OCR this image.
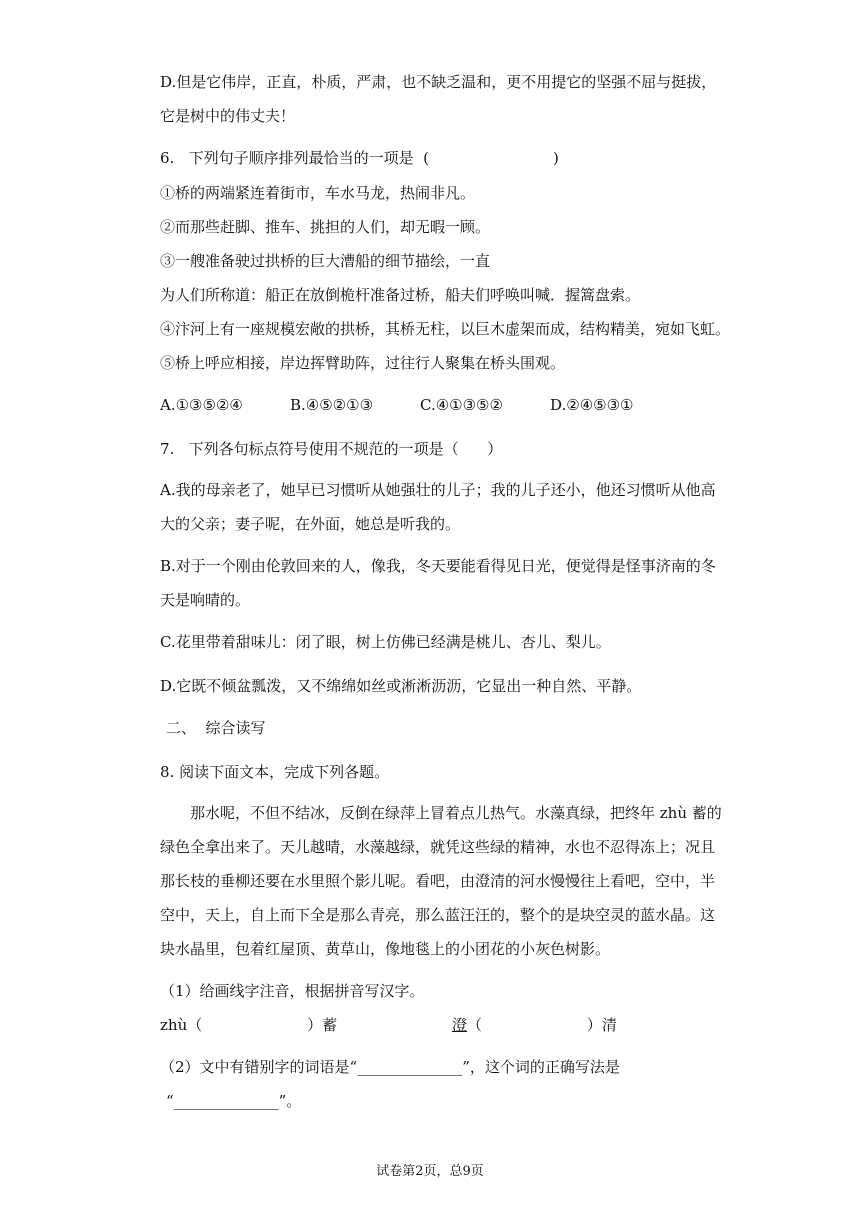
D.但是它伟岸，正直，朴质，严肃，也不缺乏温和，更不用提它的坚强不屈与挺拔，
它是树中的伟丈夫！
6.   下列句子顺序排列最恰当的一项是  (                          )
①桥的两端紧连着街市，车水马龙，热闹非凡。
②而那些赶脚、推车、挑担的人们，却无暇一顾。
③一艘准备驶过拱桥的巨大漕船的细节描绘，一直
为人们所称道：船正在放倒桅杆准备过桥，船夫们呼唤叫喊．握篙盘索。
④汴河上有一座规模宏敞的拱桥，其桥无柱，以巨木虚架而成，结构精美，宛如飞虹。
⑤桥上呼应相接，岸边挥臂助阵，过往行人聚集在桥头围观。
A.①③⑤②④	B.④⑤②①③	C.④①③⑤②	D.②④⑤③①
7.   下列各句标点符号使用不规范的一项是（      ）
A.我的母亲老了，她早已习惯听从她强壮的儿子；我的儿子还小，他还习惯听从他高
大的父亲；妻子呢，在外面，她总是听我的。
B.对于一个刚由伦敦回来的人，像我，冬天要能看得见日光，便觉得是怪事济南的冬
天是响晴的。
C.花里带着甜味儿：闭了眼，树上仿佛已经满是桃儿、杏儿、梨儿。
D.它既不倾盆瓢泼，又不绵绵如丝或淅淅沥沥，它显出一种自然、平静。
二、  综合读写
8. 阅读下面文本，完成下列各题。
那水呢，不但不结冰，反倒在绿萍上冒着点儿热气。水藻真绿，把终年 zhù 蓄的
绿色全拿出来了。天儿越晴，水藻越绿，就凭这些绿的精神，水也不忍得冻上；况且
那长枝的垂柳还要在水里照个影儿呢。看吧，由澄清的河水慢慢往上看吧，空中，半
空中，天上，自上而下全是那么青亮，那么蓝汪汪的，整个的是块空灵的蓝水晶。这
块水晶里，包着红屋顶、黄草山，像地毯上的小团花的小灰色树影。
（1）给画线字注音，根据拼音写汉字。
zhù（                      ）蓄	澄（                      ）清
（2）文中有错别字的词语是“______________”，这个词的正确写法是
“______________”。
试卷第2页，总9页
